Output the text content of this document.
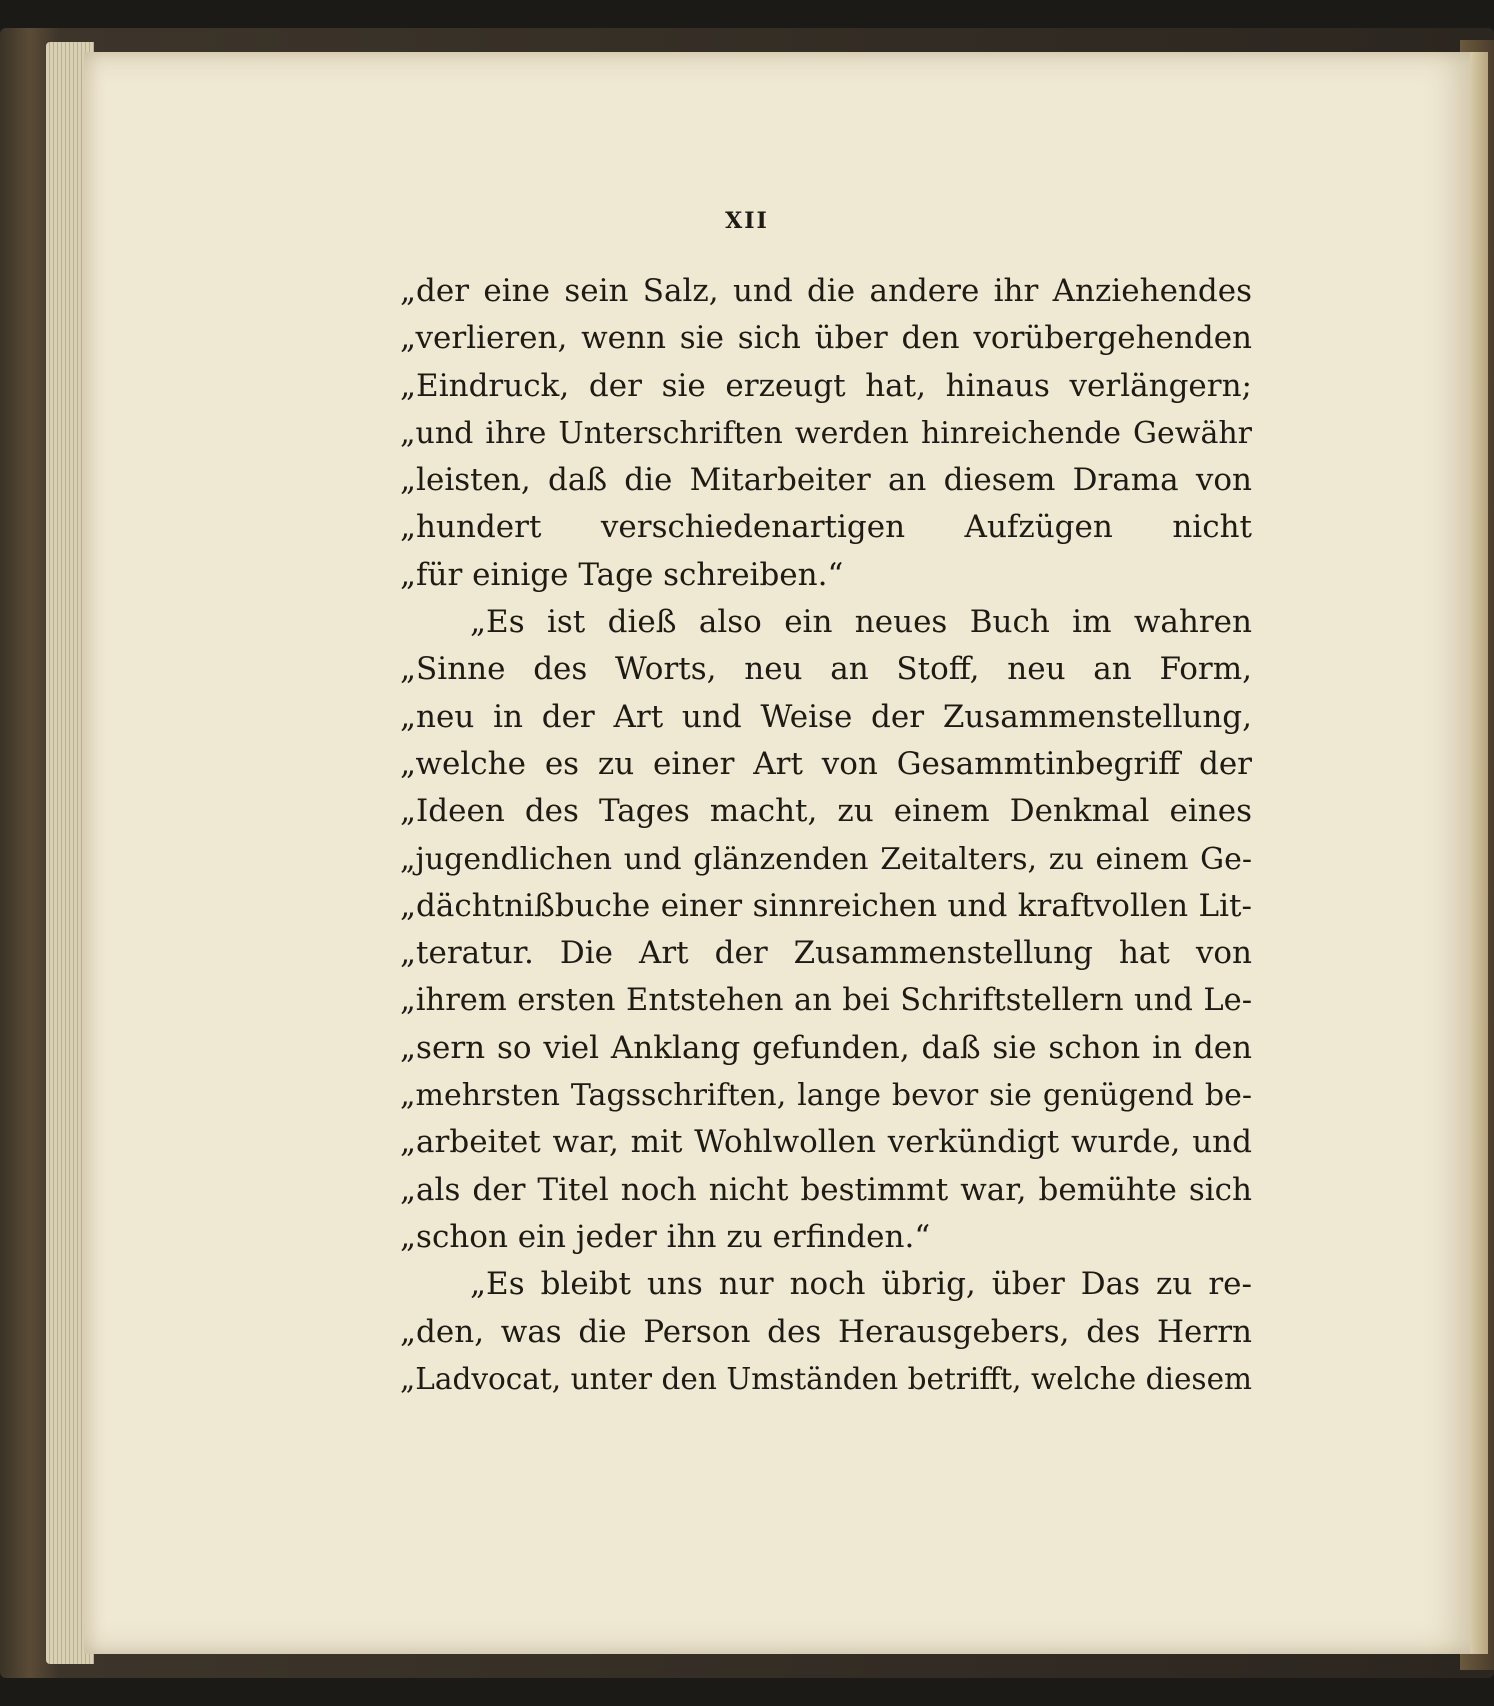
XII
„der eine sein Salz, und die andere ihr Anziehendes
„verlieren, wenn sie sich über den vorübergehenden
„Eindruck, der sie erzeugt hat, hinaus verlängern;
„und ihre Unterschriften werden hinreichende Gewähr
„leisten, daß die Mitarbeiter an diesem Drama von
„hundert verschiedenartigen Aufzügen nicht
„für einige Tage schreiben.“
„Es ist dieß also ein neues Buch im wahren
„Sinne des Worts, neu an Stoff, neu an Form,
„neu in der Art und Weise der Zusammenstellung,
„welche es zu einer Art von Gesammtinbegriff der
„Ideen des Tages macht, zu einem Denkmal eines
„jugendlichen und glänzenden Zeitalters, zu einem Ge-
„dächtnißbuche einer sinnreichen und kraftvollen Lit-
„teratur. Die Art der Zusammenstellung hat von
„ihrem ersten Entstehen an bei Schriftstellern und Le-
„sern so viel Anklang gefunden, daß sie schon in den
„mehrsten Tagsschriften, lange bevor sie genügend be-
„arbeitet war, mit Wohlwollen verkündigt wurde, und
„als der Titel noch nicht bestimmt war, bemühte sich
„schon ein jeder ihn zu erfinden.“
„Es bleibt uns nur noch übrig, über Das zu re-
„den, was die Person des Herausgebers, des Herrn
„Ladvocat, unter den Umständen betrifft, welche diesem
